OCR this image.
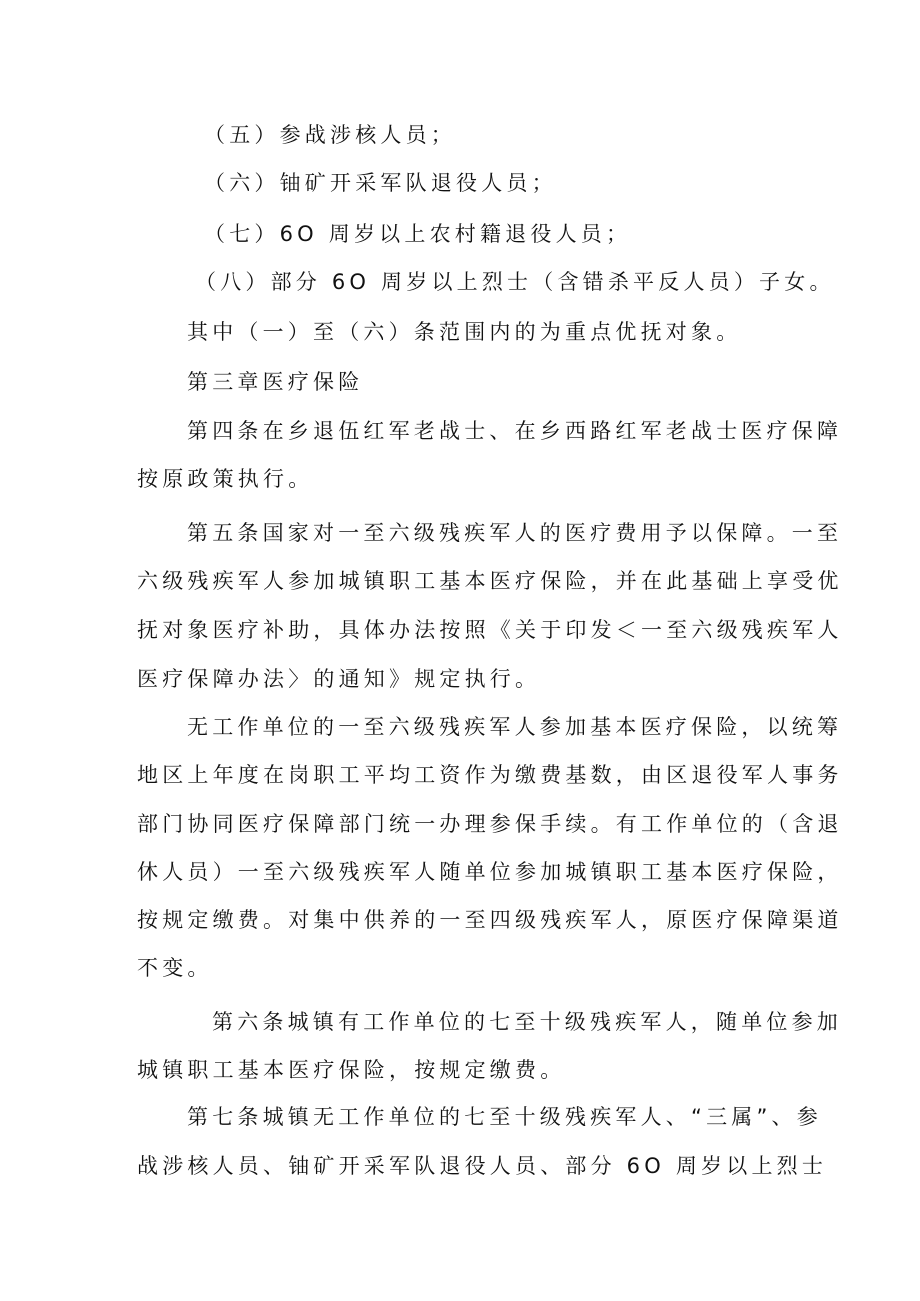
（五）参战涉核人员；
（六）铀矿开采军队退役人员；
（七）6O 周岁以上农村籍退役人员；
（八）部分 6O 周岁以上烈士（含错杀平反人员）子女。
其中（一）至（六）条范围内的为重点优抚对象。
第三章医疗保险
第四条在乡退伍红军老战士、在乡西路红军老战士医疗保障
按原政策执行。
第五条国家对一至六级残疾军人的医疗费用予以保障。一至
六级残疾军人参加城镇职工基本医疗保险，并在此基础上享受优
抚对象医疗补助，具体办法按照《关于印发＜一至六级残疾军人
医疗保障办法〉的通知》规定执行。
无工作单位的一至六级残疾军人参加基本医疗保险，以统筹
地区上年度在岗职工平均工资作为缴费基数，由区退役军人事务
部门协同医疗保障部门统一办理参保手续。有工作单位的（含退
休人员）一至六级残疾军人随单位参加城镇职工基本医疗保险，
按规定缴费。对集中供养的一至四级残疾军人，原医疗保障渠道
不变。
第六条城镇有工作单位的七至十级残疾军人，随单位参加
城镇职工基本医疗保险，按规定缴费。
第七条城镇无工作单位的七至十级残疾军人、“三属”、参
战涉核人员、铀矿开采军队退役人员、部分 6O 周岁以上烈士
